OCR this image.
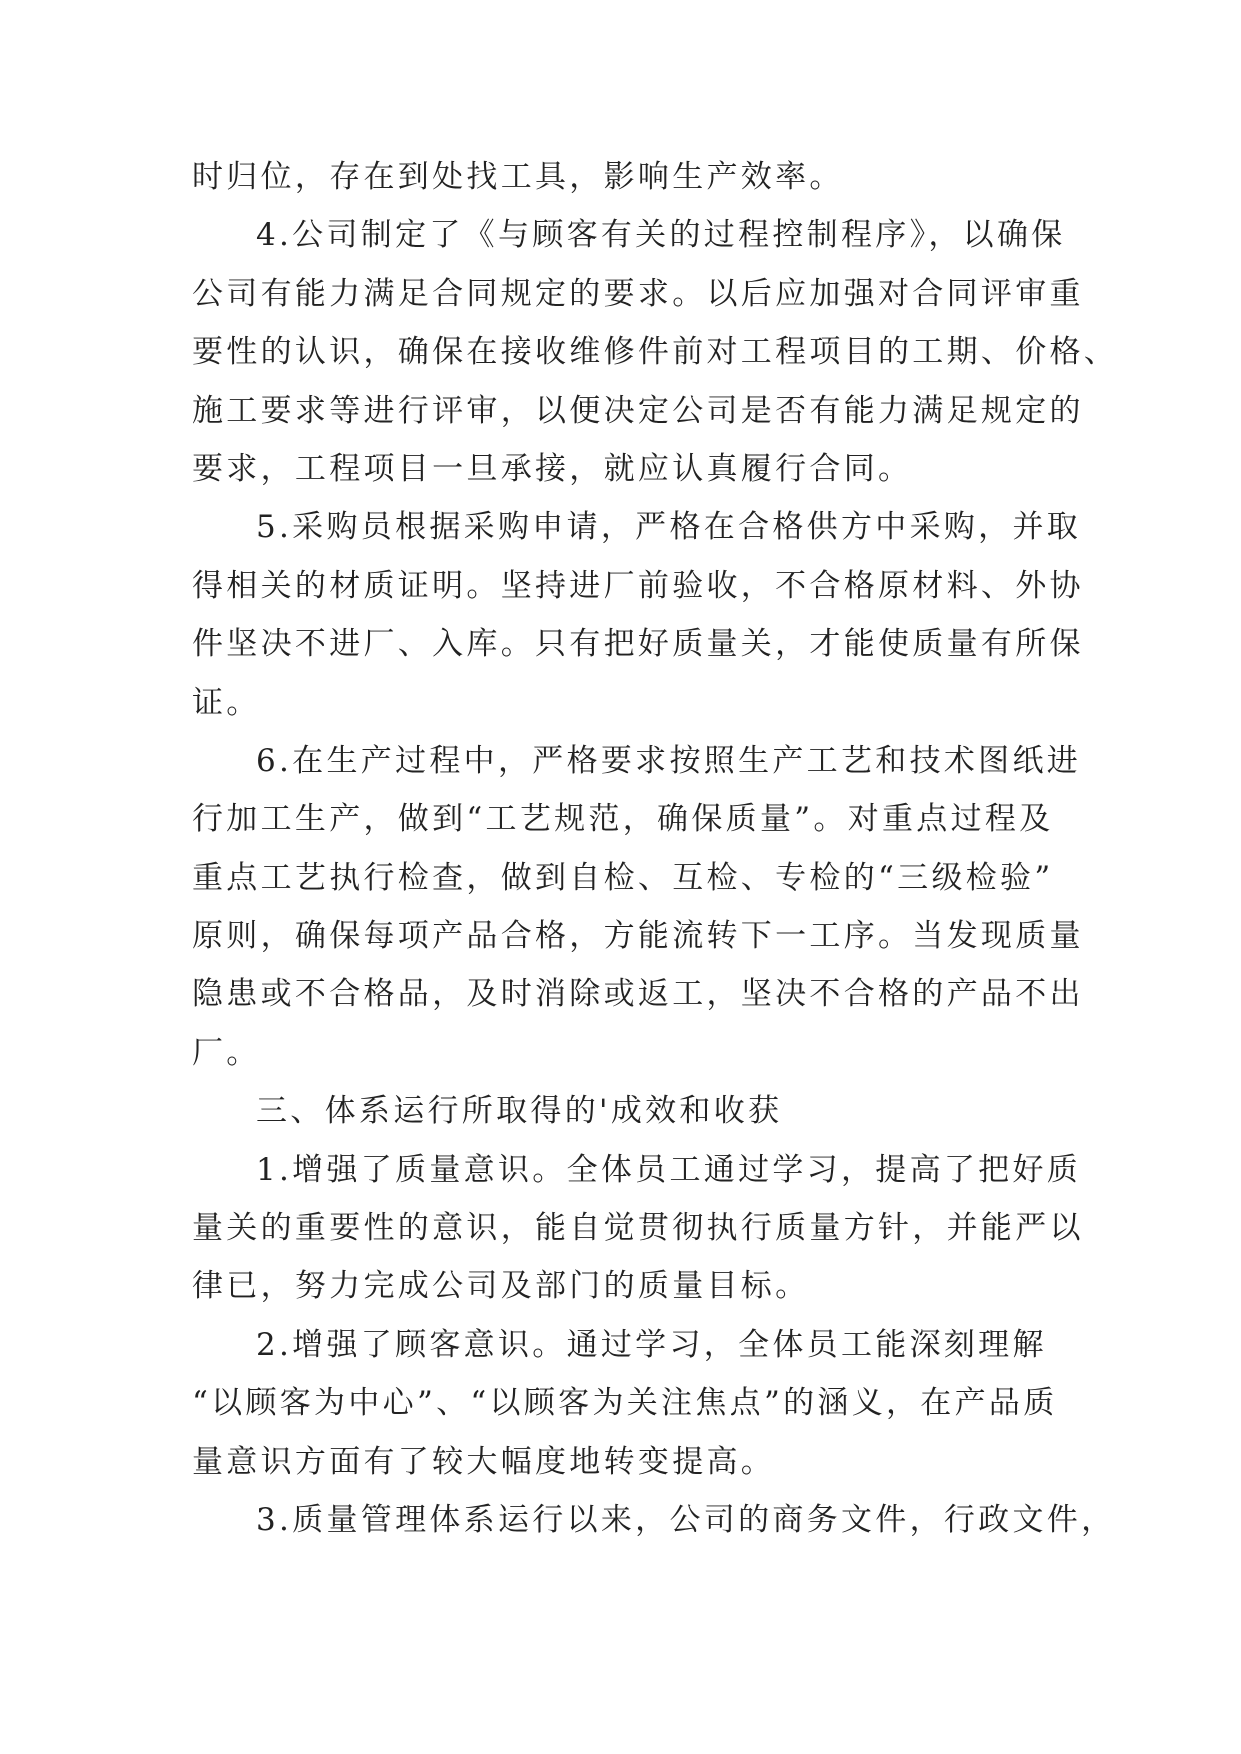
时归位，存在到处找工具，影响生产效率。
4.公司制定了《与顾客有关的过程控制程序》，以确保
公司有能力满足合同规定的要求。以后应加强对合同评审重
要性的认识，确保在接收维修件前对工程项目的工期、价格、
施工要求等进行评审，以便决定公司是否有能力满足规定的
要求，工程项目一旦承接，就应认真履行合同。
5.采购员根据采购申请，严格在合格供方中采购，并取
得相关的材质证明。坚持进厂前验收，不合格原材料、外协
件坚决不进厂、入库。只有把好质量关，才能使质量有所保
证。
6.在生产过程中，严格要求按照生产工艺和技术图纸进
行加工生产，做到“工艺规范，确保质量”。对重点过程及
重点工艺执行检查，做到自检、互检、专检的“三级检验”
原则，确保每项产品合格，方能流转下一工序。当发现质量
隐患或不合格品，及时消除或返工，坚决不合格的产品不出
厂。
三、体系运行所取得的'成效和收获
1.增强了质量意识。全体员工通过学习，提高了把好质
量关的重要性的意识，能自觉贯彻执行质量方针，并能严以
律已，努力完成公司及部门的质量目标。
2.增强了顾客意识。通过学习，全体员工能深刻理解
“以顾客为中心”、“以顾客为关注焦点”的涵义，在产品质
量意识方面有了较大幅度地转变提高。
3.质量管理体系运行以来，公司的商务文件，行政文件，
